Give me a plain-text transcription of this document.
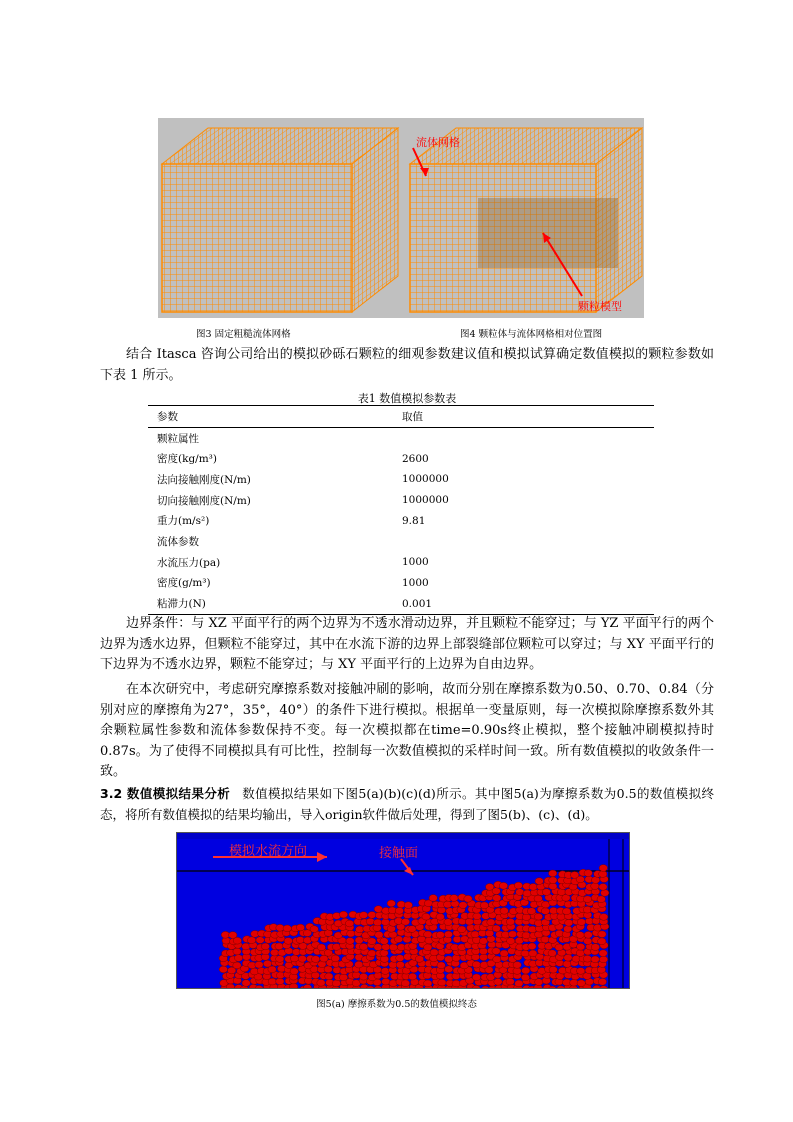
流体网格
颗粒模型
图3 固定粗糙流体网格	图4 颗粒体与流体网格相对位置图

结合 Itasca 咨询公司给出的模拟砂砾石颗粒的细观参数建议值和模拟试算确定数值模拟的颗粒参数如下表 1 所示。

表1 数值模拟参数表
参数	取值
颗粒属性	
密度(kg/m³)	2600
法向接触刚度(N/m)	1000000
切向接触刚度(N/m)	1000000
重力(m/s²)	9.81
流体参数	
水流压力(pa)	1000
密度(g/m³)	1000
粘滞力(N)	0.001

边界条件：与 XZ 平面平行的两个边界为不透水滑动边界，并且颗粒不能穿过；与 YZ 平面平行的两个边界为透水边界，但颗粒不能穿过，其中在水流下游的边界上部裂缝部位颗粒可以穿过；与 XY 平面平行的下边界为不透水边界，颗粒不能穿过；与 XY 平面平行的上边界为自由边界。

在本次研究中，考虑研究摩擦系数对接触冲刷的影响，故而分别在摩擦系数为0.50、0.70、0.84（分别对应的摩擦角为27°，35°，40°）的条件下进行模拟。根据单一变量原则，每一次模拟除摩擦系数外其余颗粒属性参数和流体参数保持不变。每一次模拟都在time=0.90s终止模拟，整个接触冲刷模拟持时0.87s。为了使得不同模拟具有可比性，控制每一次数值模拟的采样时间一致。所有数值模拟的收敛条件一致。

3.2 数值模拟结果分析 数值模拟结果如下图5(a)(b)(c)(d)所示。其中图5(a)为摩擦系数为0.5的数值模拟终态，将所有数值模拟的结果均输出，导入origin软件做后处理，得到了图5(b)、(c)、(d)。

模拟水流方向	接触面
图5(a) 摩擦系数为0.5的数值模拟终态
